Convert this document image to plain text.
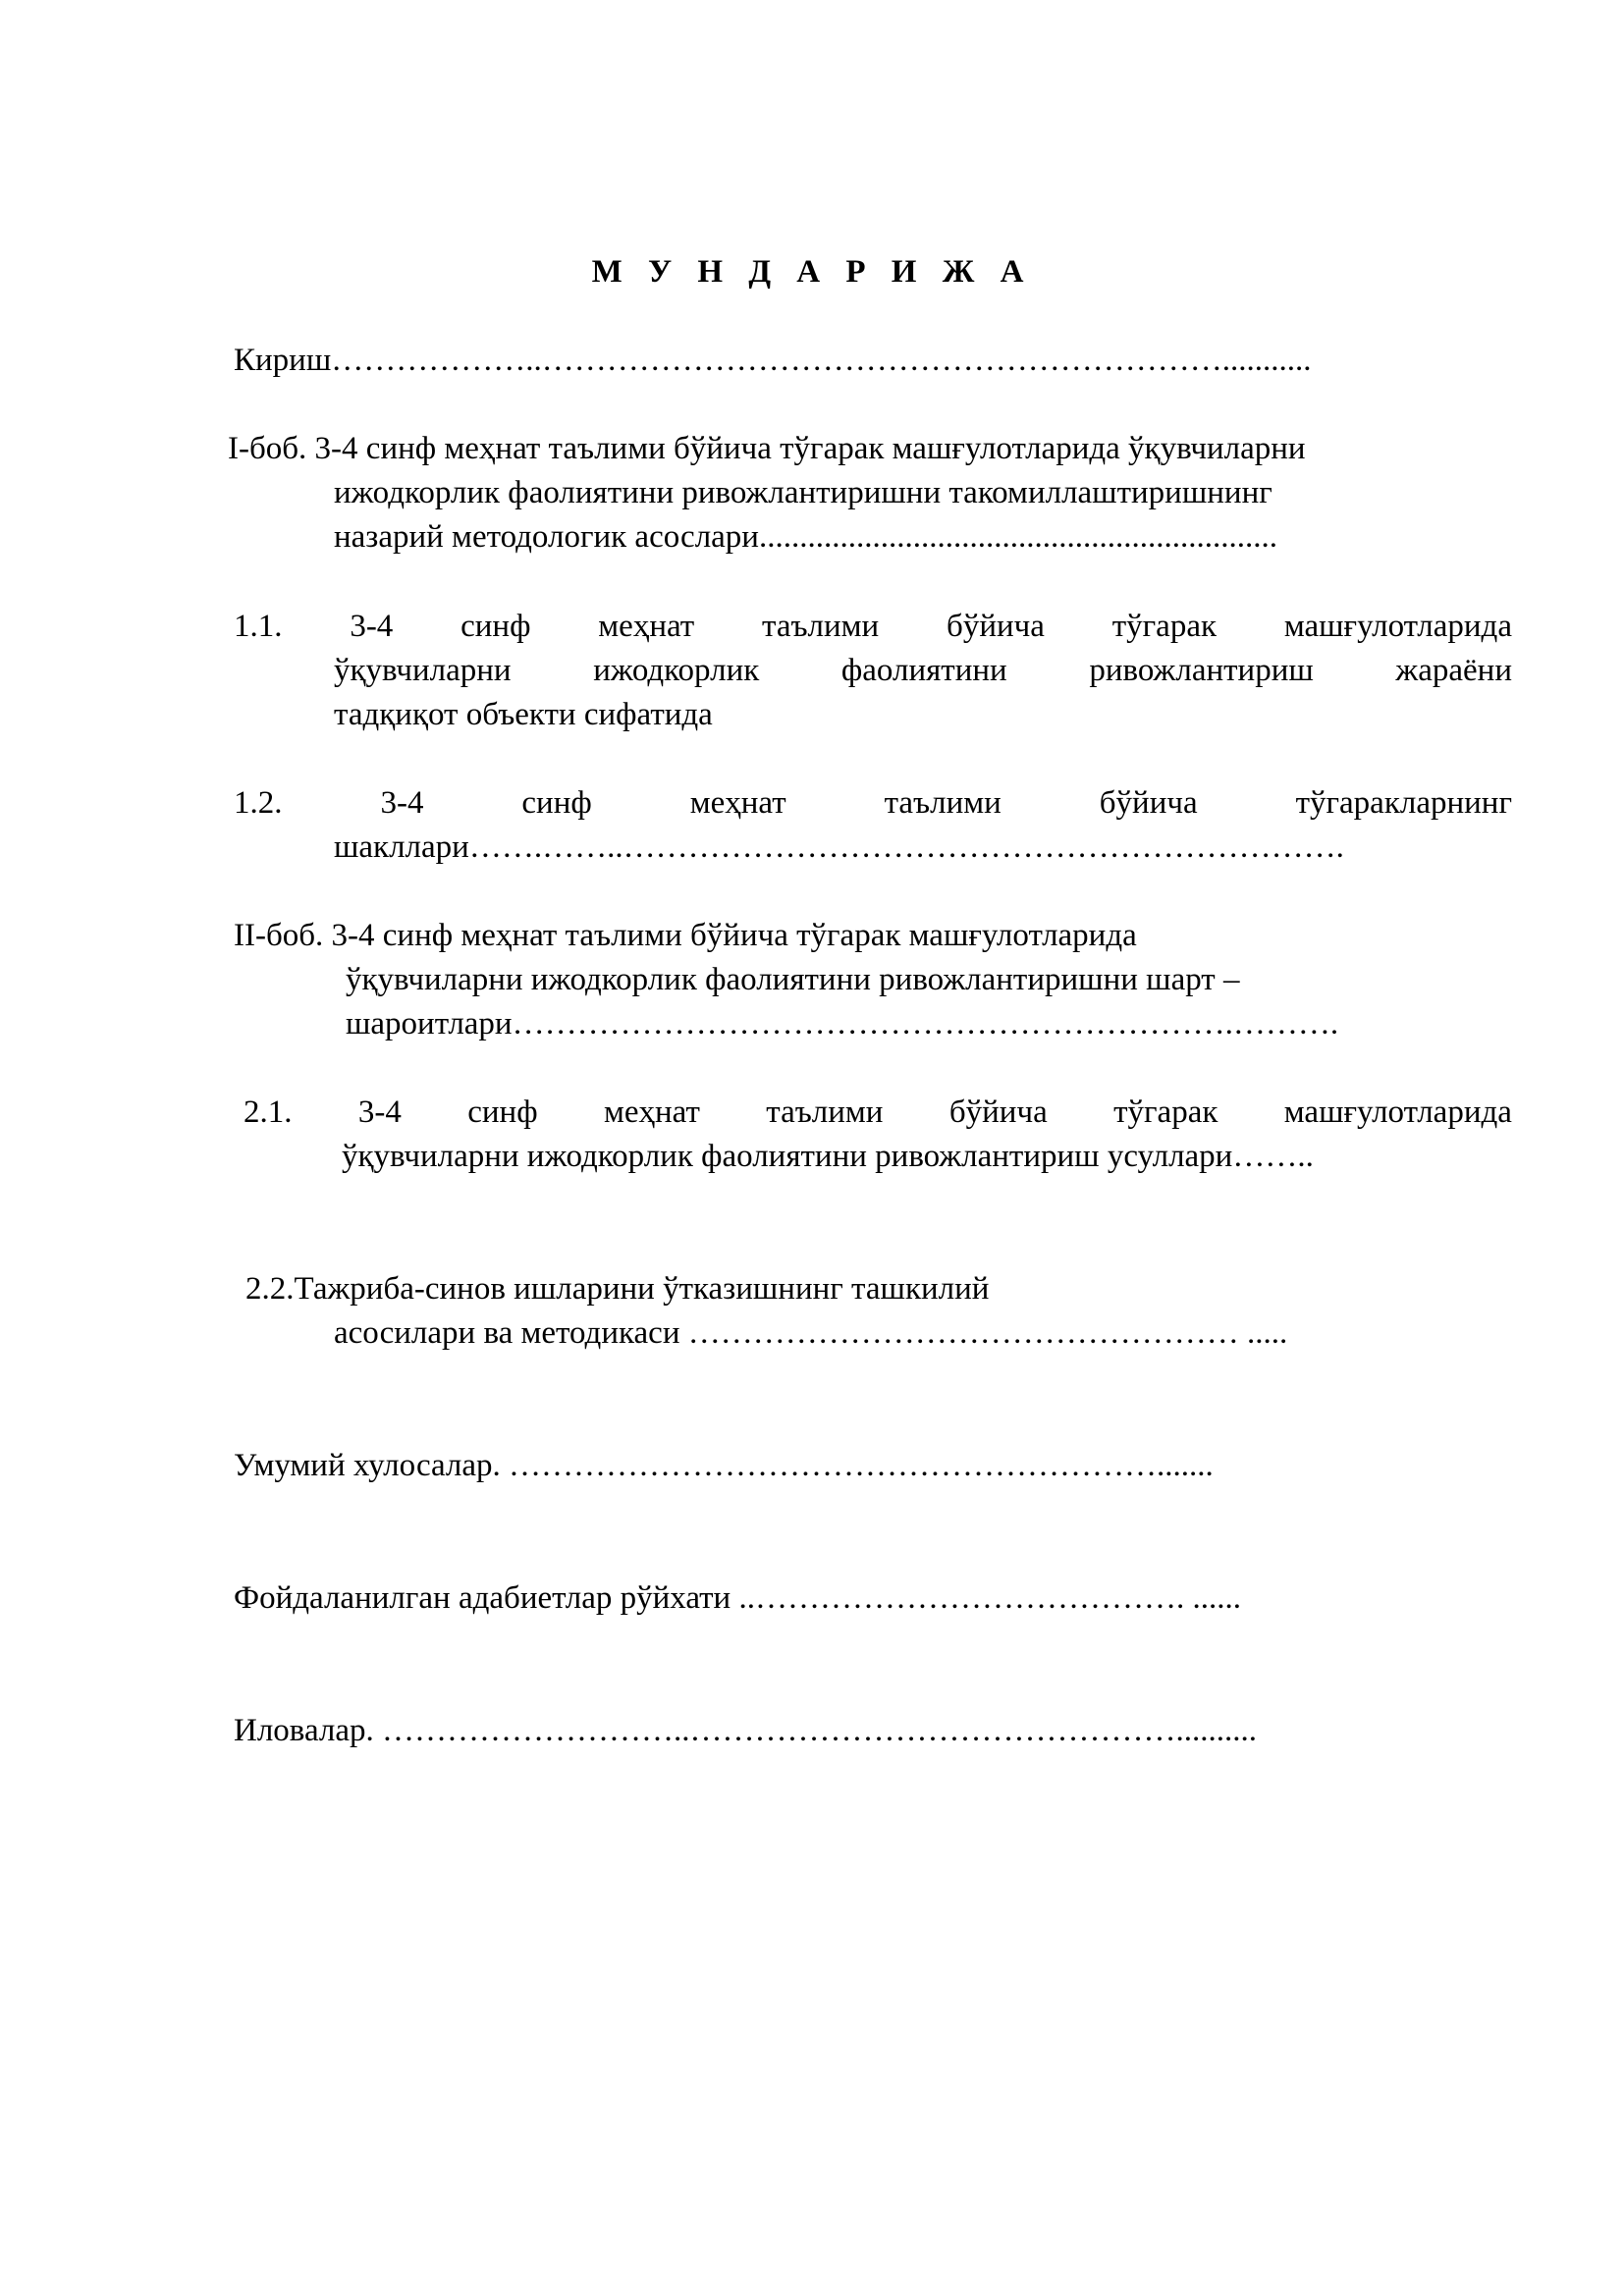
М У Н Д А Р И Ж А
Кириш………………..………………………………………………………...........
I-боб. 3-4 синф меҳнат таълими бўйича тўгарак машғулотларида ўқувчиларни
ижодкорлик фаолиятини ривожлантиришни такомиллаштиришнинг
назарий методологик асослари................................................................
1.1. 3-4 синф меҳнат таълими бўйича тўгарак машғулотларида
ўқувчиларни	ижодкорлик	фаолиятини	ривожлантириш	жараёни
тадқиқот объекти сифатида
1.2.	3-4	синф	меҳнат	таълими	бўйича	тўгаракларнинг
шакллари…….……..………………………………………………………….
II-боб. 3-4 синф меҳнат таълими бўйича тўгарак машғулотларида
ўқувчиларни ижодкорлик фаолиятини ривожлантиришни шарт –
шароитлари………………………………………………………….……….
2.1. 3-4 синф меҳнат таълими бўйича тўгарак машғулотларида
ўқувчиларни ижодкорлик фаолиятини ривожлантириш усуллари……..
2.2.Тажриба-синов ишларини ўтказишнинг ташкилий
асосилари ва методикаси …………………………………………… .....
Умумий хулосалар. …………………………………………………….......
Фойдаланилган адабиетлар рўйхати ..…………………………………. ......
Иловалар. ………………………..………………………………………..........
